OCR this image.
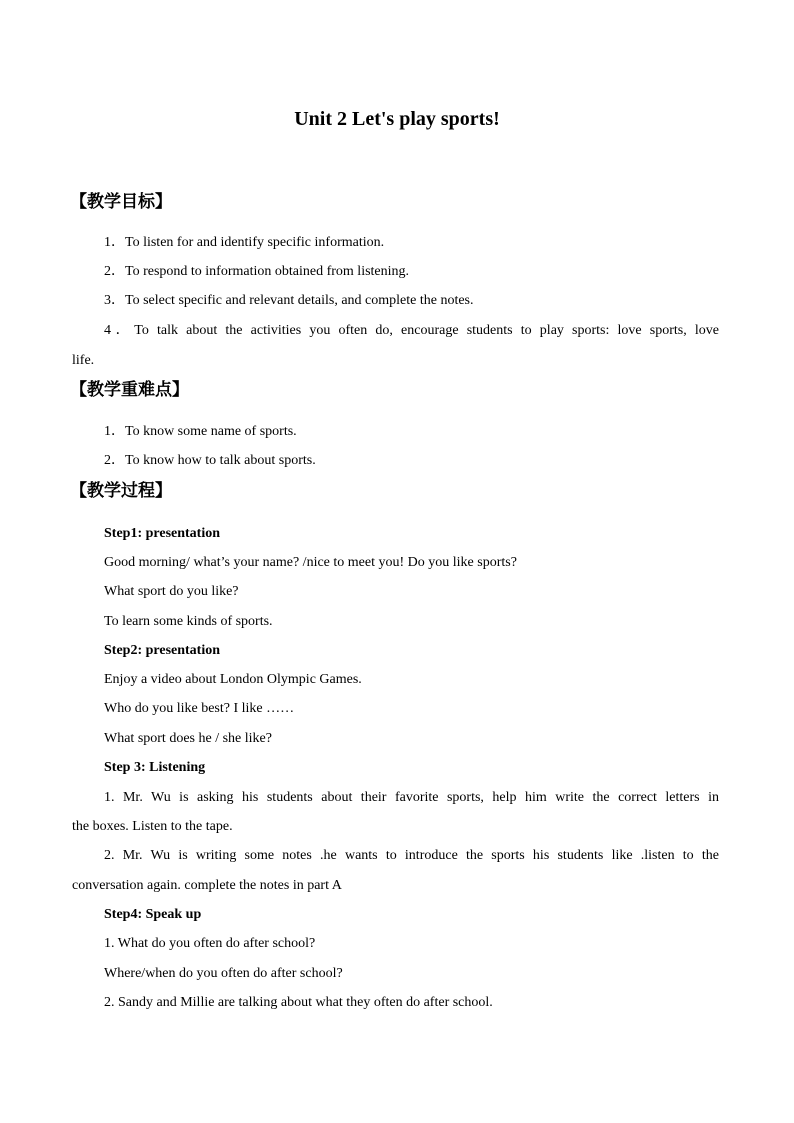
Unit 2 Let's play sports!
【教学目标】
1．To listen for and identify specific information.
2．To respond to information obtained from listening.
3．To select specific and relevant details, and complete the notes.
4．To talk about the activities you often do, encourage students to play sports: love sports, love
life.
【教学重难点】
1．To know some name of sports.
2．To know how to talk about sports.
【教学过程】
Step1: presentation
Good morning/ what’s your name? /nice to meet you! Do you like sports?
What sport do you like?
To learn some kinds of sports.
Step2: presentation
Enjoy a video about London Olympic Games.
Who do you like best? I like ……
What sport does he / she like?
Step 3: Listening
1. Mr. Wu is asking his students about their favorite sports, help him write the correct letters in
the boxes. Listen to the tape.
2. Mr. Wu is writing some notes .he wants to introduce the sports his students like .listen to the
conversation again. complete the notes in part A
Step4: Speak up
1. What do you often do after school?
Where/when do you often do after school?
2. Sandy and Millie are talking about what they often do after school.
